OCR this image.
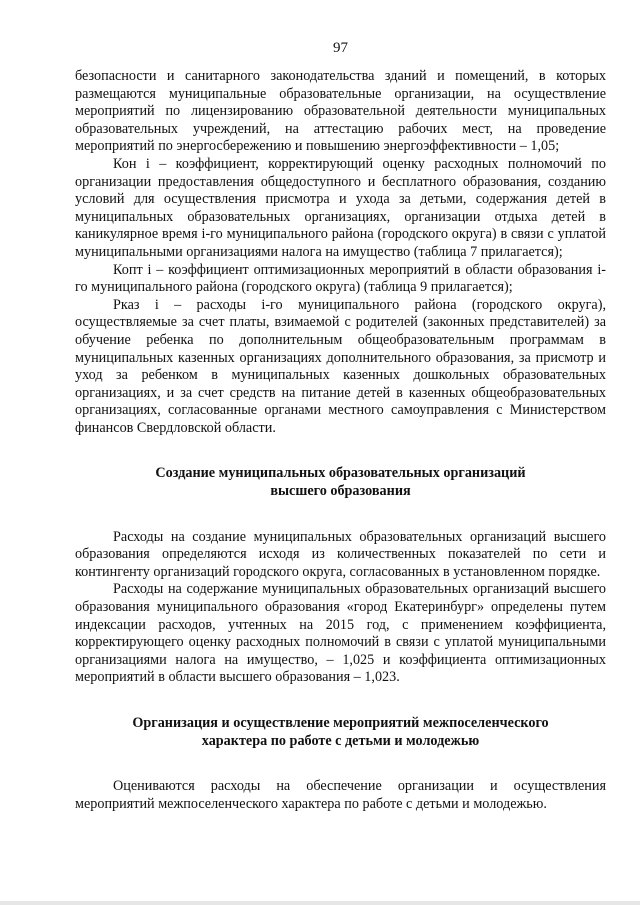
97

безопасности и санитарного законодательства зданий и помещений, в которых размещаются муниципальные образовательные организации, на осуществление мероприятий по лицензированию образовательной деятельности муниципальных образовательных учреждений, на аттестацию рабочих мест, на проведение мероприятий по энергосбережению и повышению энергоэффективности – 1,05;

Кон i – коэффициент, корректирующий оценку расходных полномочий по организации предоставления общедоступного и бесплатного образования, созданию условий для осуществления присмотра и ухода за детьми, содержания детей в муниципальных образовательных организациях, организации отдыха детей в каникулярное время i-го муниципального района (городского округа) в связи с уплатой муниципальными организациями налога на имущество (таблица 7 прилагается);

Копт i – коэффициент оптимизационных мероприятий в области образования i-го муниципального района (городского округа) (таблица 9 прилагается);

Рказ i – расходы i-го муниципального района (городского округа), осуществляемые за счет платы, взимаемой с родителей (законных представителей) за обучение ребенка по дополнительным общеобразовательным программам в муниципальных казенных организациях дополнительного образования, за присмотр и уход за ребенком в муниципальных казенных дошкольных образовательных организациях, и за счет средств на питание детей в казенных общеобразовательных организациях, согласованные органами местного самоуправления с Министерством финансов Свердловской области.

Создание муниципальных образовательных организаций
высшего образования

Расходы на создание муниципальных образовательных организаций высшего образования определяются исходя из количественных показателей по сети и контингенту организаций городского округа, согласованных в установленном порядке.

Расходы на содержание муниципальных образовательных организаций высшего образования муниципального образования «город Екатеринбург» определены путем индексации расходов, учтенных на 2015 год, с применением коэффициента, корректирующего оценку расходных полномочий в связи с уплатой муниципальными организациями налога на имущество, – 1,025 и коэффициента оптимизационных мероприятий в области высшего образования – 1,023.

Организация и осуществление мероприятий межпоселенческого
характера по работе с детьми и молодежью

Оцениваются расходы на обеспечение организации и осуществления мероприятий межпоселенческого характера по работе с детьми и молодежью.
